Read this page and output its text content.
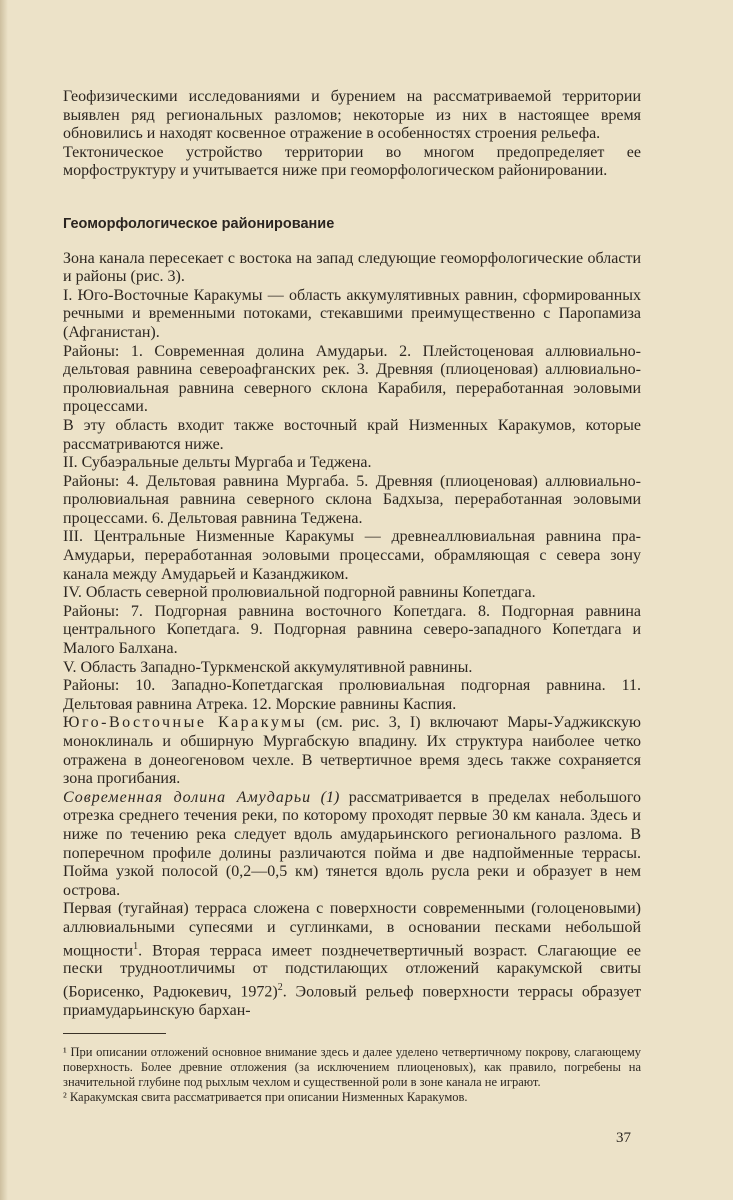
Геофизическими исследованиями и бурением на рассматриваемой территории выявлен ряд региональных разломов; некоторые из них в настоящее время обновились и находят косвенное отражение в особенностях строения рельефа.

Тектоническое устройство территории во многом предопределяет ее морфоструктуру и учитывается ниже при геоморфологическом районировании.

Геоморфологическое районирование

Зона канала пересекает с востока на запад следующие геоморфологические области и районы (рис. 3).

I. Юго-Восточные Каракумы — область аккумулятивных равнин, сформированных речными и временными потоками, стекавшими преимущественно с Паропамиза (Афганистан).

Районы: 1. Современная долина Амударьи. 2. Плейстоценовая аллювиально-дельтовая равнина североафганских рек. 3. Древняя (плиоценовая) аллювиально-пролювиальная равнина северного склона Карабиля, переработанная эоловыми процессами.

В эту область входит также восточный край Низменных Каракумов, которые рассматриваются ниже.

II. Субаэральные дельты Мургаба и Теджена.

Районы: 4. Дельтовая равнина Мургаба. 5. Древняя (плиоценовая) аллювиально-пролювиальная равнина северного склона Бадхыза, переработанная эоловыми процессами. 6. Дельтовая равнина Теджена.

III. Центральные Низменные Каракумы — древнеаллювиальная равнина пра-Амударьи, переработанная эоловыми процессами, обрамляющая с севера зону канала между Амударьей и Казанджиком.

IV. Область северной пролювиальной подгорной равнины Копетдага.

Районы: 7. Подгорная равнина восточного Копетдага. 8. Подгорная равнина центрального Копетдага. 9. Подгорная равнина северо-западного Копетдага и Малого Балхана.

V. Область Западно-Туркменской аккумулятивной равнины.

Районы: 10. Западно-Копетдагская пролювиальная подгорная равнина. 11. Дельтовая равнина Атрека. 12. Морские равнины Каспия.

Юго-Восточные Каракумы (см. рис. 3, I) включают Мары-Уаджикскую моноклиналь и обширную Мургабскую впадину. Их структура наиболее четко отражена в донеогеновом чехле. В четвертичное время здесь также сохраняется зона прогибания.

Современная долина Амударьи (1) рассматривается в пределах небольшого отрезка среднего течения реки, по которому проходят первые 30 км канала. Здесь и ниже по течению река следует вдоль амударьинского регионального разлома. В поперечном профиле долины различаются пойма и две надпойменные террасы. Пойма узкой полосой (0,2—0,5 км) тянется вдоль русла реки и образует в нем острова.

Первая (тугайная) терраса сложена с поверхности современными (голоценовыми) аллювиальными супесями и суглинками, в основании песками небольшой мощности$^1$. Вторая терраса имеет позднечетвертичный возраст. Слагающие ее пески трудноотличимы от подстилающих отложений каракумской свиты (Борисенко, Радюкевич, 1972)$^2$. Эоловый рельеф поверхности террасы образует приамударьинскую бархан-

¹ При описании отложений основное внимание здесь и далее уделено четвертичному покрову, слагающему поверхность. Более древние отложения (за исключением плиоценовых), как правило, погребены на значительной глубине под рыхлым чехлом и существенной роли в зоне канала не играют.

² Каракумская свита рассматривается при описании Низменных Каракумов.

37
